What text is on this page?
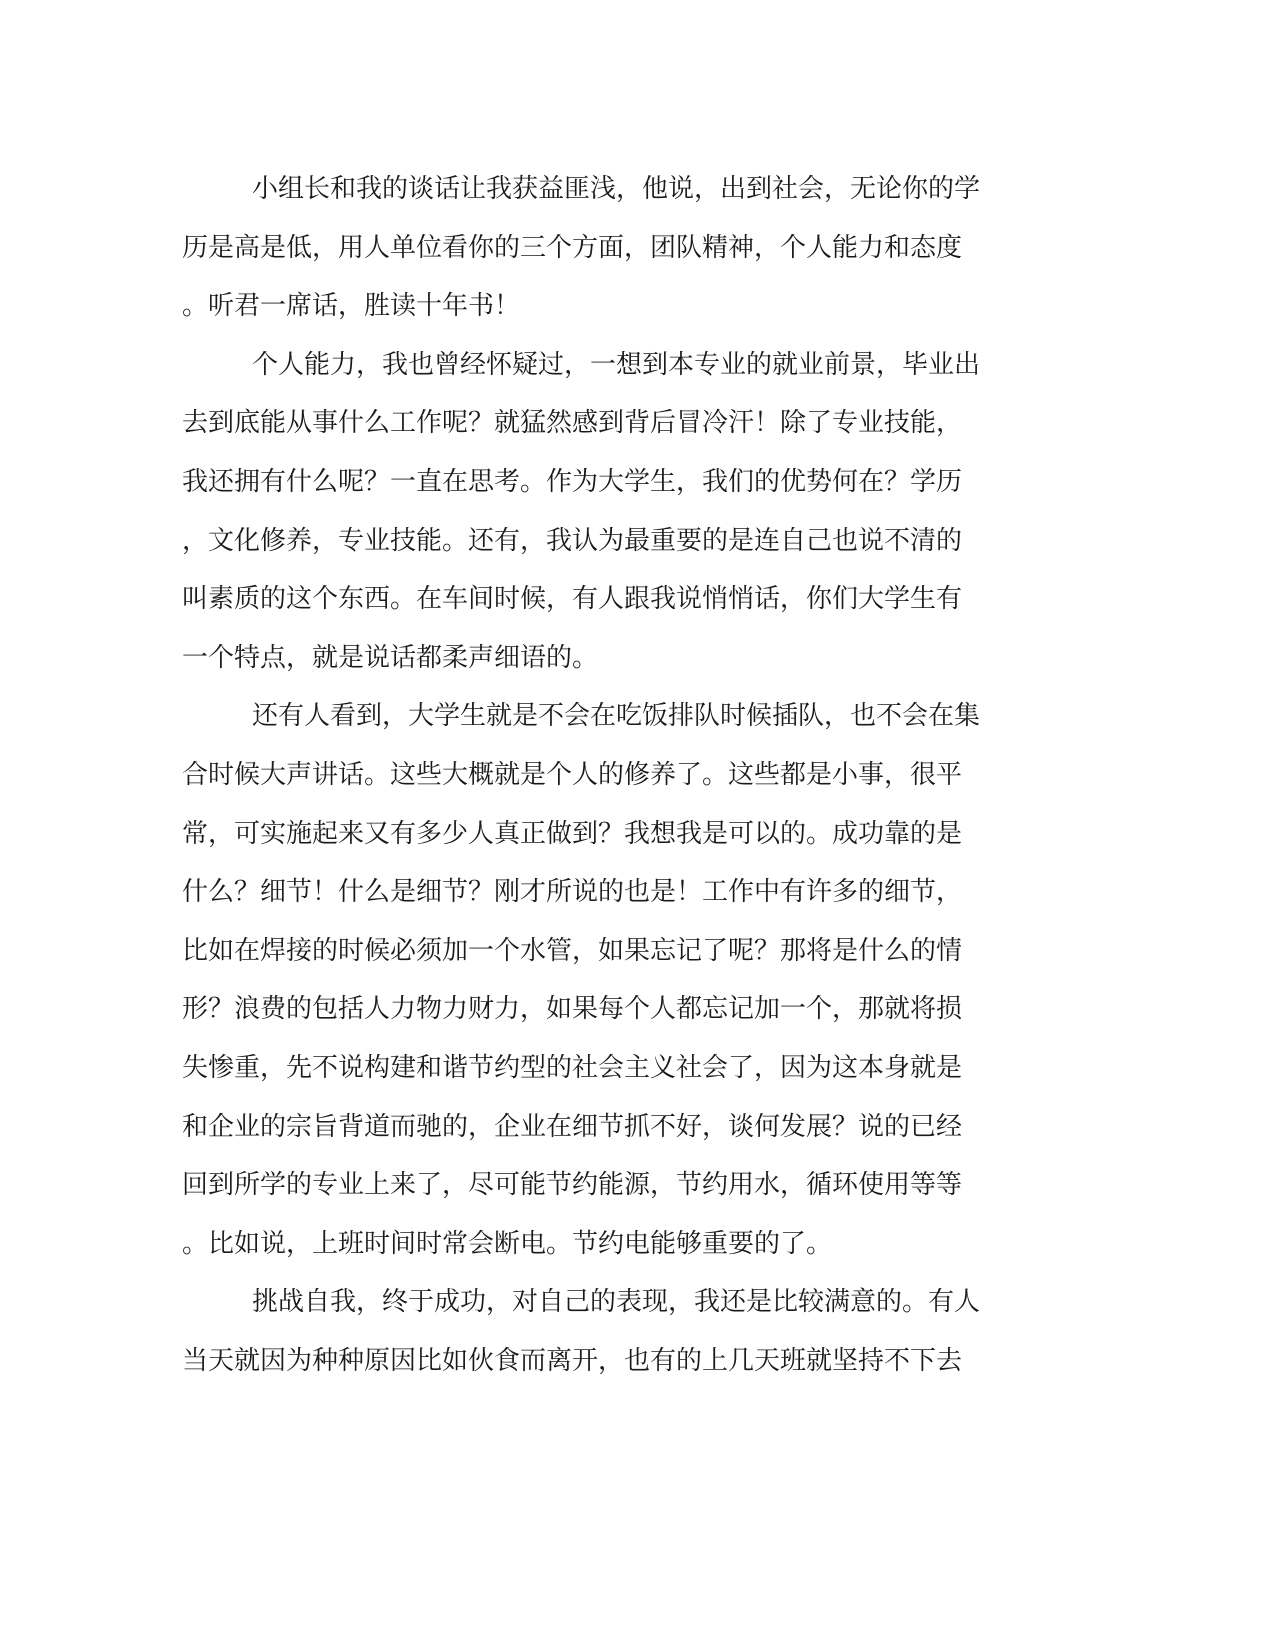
小组长和我的谈话让我获益匪浅，他说，出到社会，无论你的学
历是高是低，用人单位看你的三个方面，团队精神，个人能力和态度
。听君一席话，胜读十年书！
个人能力，我也曾经怀疑过，一想到本专业的就业前景，毕业出
去到底能从事什么工作呢？就猛然感到背后冒冷汗！除了专业技能，
我还拥有什么呢？一直在思考。作为大学生，我们的优势何在？学历
，文化修养，专业技能。还有，我认为最重要的是连自己也说不清的
叫素质的这个东西。在车间时候，有人跟我说悄悄话，你们大学生有
一个特点，就是说话都柔声细语的。
还有人看到，大学生就是不会在吃饭排队时候插队，也不会在集
合时候大声讲话。这些大概就是个人的修养了。这些都是小事，很平
常，可实施起来又有多少人真正做到？我想我是可以的。成功靠的是
什么？细节！什么是细节？刚才所说的也是！工作中有许多的细节，
比如在焊接的时候必须加一个水管，如果忘记了呢？那将是什么的情
形？浪费的包括人力物力财力，如果每个人都忘记加一个，那就将损
失惨重，先不说构建和谐节约型的社会主义社会了，因为这本身就是
和企业的宗旨背道而驰的，企业在细节抓不好，谈何发展？说的已经
回到所学的专业上来了，尽可能节约能源，节约用水，循环使用等等
。比如说，上班时间时常会断电。节约电能够重要的了。
挑战自我，终于成功，对自己的表现，我还是比较满意的。有人
当天就因为种种原因比如伙食而离开，也有的上几天班就坚持不下去
